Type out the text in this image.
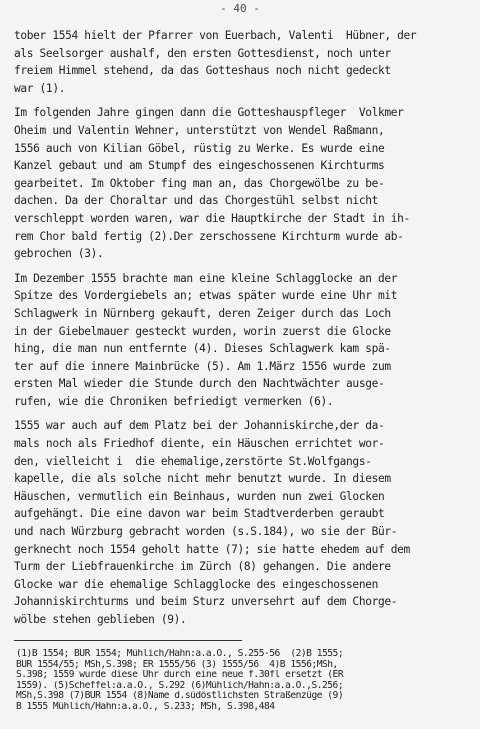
- 40 -
tober 1554 hielt der Pfarrer von Euerbach, Valenti  Hübner, der
als Seelsorger aushalf, den ersten Gottesdienst, noch unter
freiem Himmel stehend, da das Gotteshaus noch nicht gedeckt
war (1).
Im folgenden Jahre gingen dann die Gotteshauspfleger  Volkmer
Oheim und Valentin Wehner, unterstützt von Wendel Raßmann,
1556 auch von Kilian Göbel, rüstig zu Werke. Es wurde eine
Kanzel gebaut und am Stumpf des eingeschossenen Kirchturms
gearbeitet. Im Oktober fing man an, das Chorgewölbe zu be-
dachen. Da der Choraltar und das Chorgestühl selbst nicht
verschleppt worden waren, war die Hauptkirche der Stadt in ih-
rem Chor bald fertig (2).Der zerschossene Kirchturm wurde ab-
gebrochen (3).
Im Dezember 1555 brachte man eine kleine Schlagglocke an der
Spitze des Vordergiebels an; etwas später wurde eine Uhr mit
Schlagwerk in Nürnberg gekauft, deren Zeiger durch das Loch
in der Giebelmauer gesteckt wurden, worin zuerst die Glocke
hing, die man nun entfernte (4). Dieses Schlagwerk kam spä-
ter auf die innere Mainbrücke (5). Am 1.März 1556 wurde zum
ersten Mal wieder die Stunde durch den Nachtwächter ausge-
rufen, wie die Chroniken befriedigt vermerken (6).
1555 war auch auf dem Platz bei der Johanniskirche,der da-
mals noch als Friedhof diente, ein Häuschen errichtet wor-
den, vielleicht i  die ehemalige,zerstörte St.Wolfgangs-
kapelle, die als solche nicht mehr benutzt wurde. In diesem
Häuschen, vermutlich ein Beinhaus, wurden nun zwei Glocken
aufgehängt. Die eine davon war beim Stadtverderben geraubt
und nach Würzburg gebracht worden (s.S.184), wo sie der Bür-
gerknecht noch 1554 geholt hatte (7); sie hatte ehedem auf dem
Turm der Liebfrauenkirche im Zürch (8) gehangen. Die andere
Glocke war die ehemalige Schlagglocke des eingeschossenen
Johanniskirchturms und beim Sturz unversehrt auf dem Chorge-
wölbe stehen geblieben (9).
(1)B 1554; BUR 1554; Mühlich/Hahn:a.a.O., S.255-56  (2)B 1555;
BUR 1554/55; MSh,S.398; ER 1555/56 (3) 1555/56  4)B 1556;MSh,
S.398; 1559 wurde diese Uhr durch eine neue f.30fl ersetzt (ER
1559). (5)Scheffel:a.a.O., S.292 (6)Mühlich/Hahn:a.a.O.,S.256;
MSh,S.398 (7)BUR 1554 (8)Name d.südöstlichsten Straßenzüge (9)
B 1555 Mühlich/Hahn:a.a.O., S.233; MSh, S.398,484
